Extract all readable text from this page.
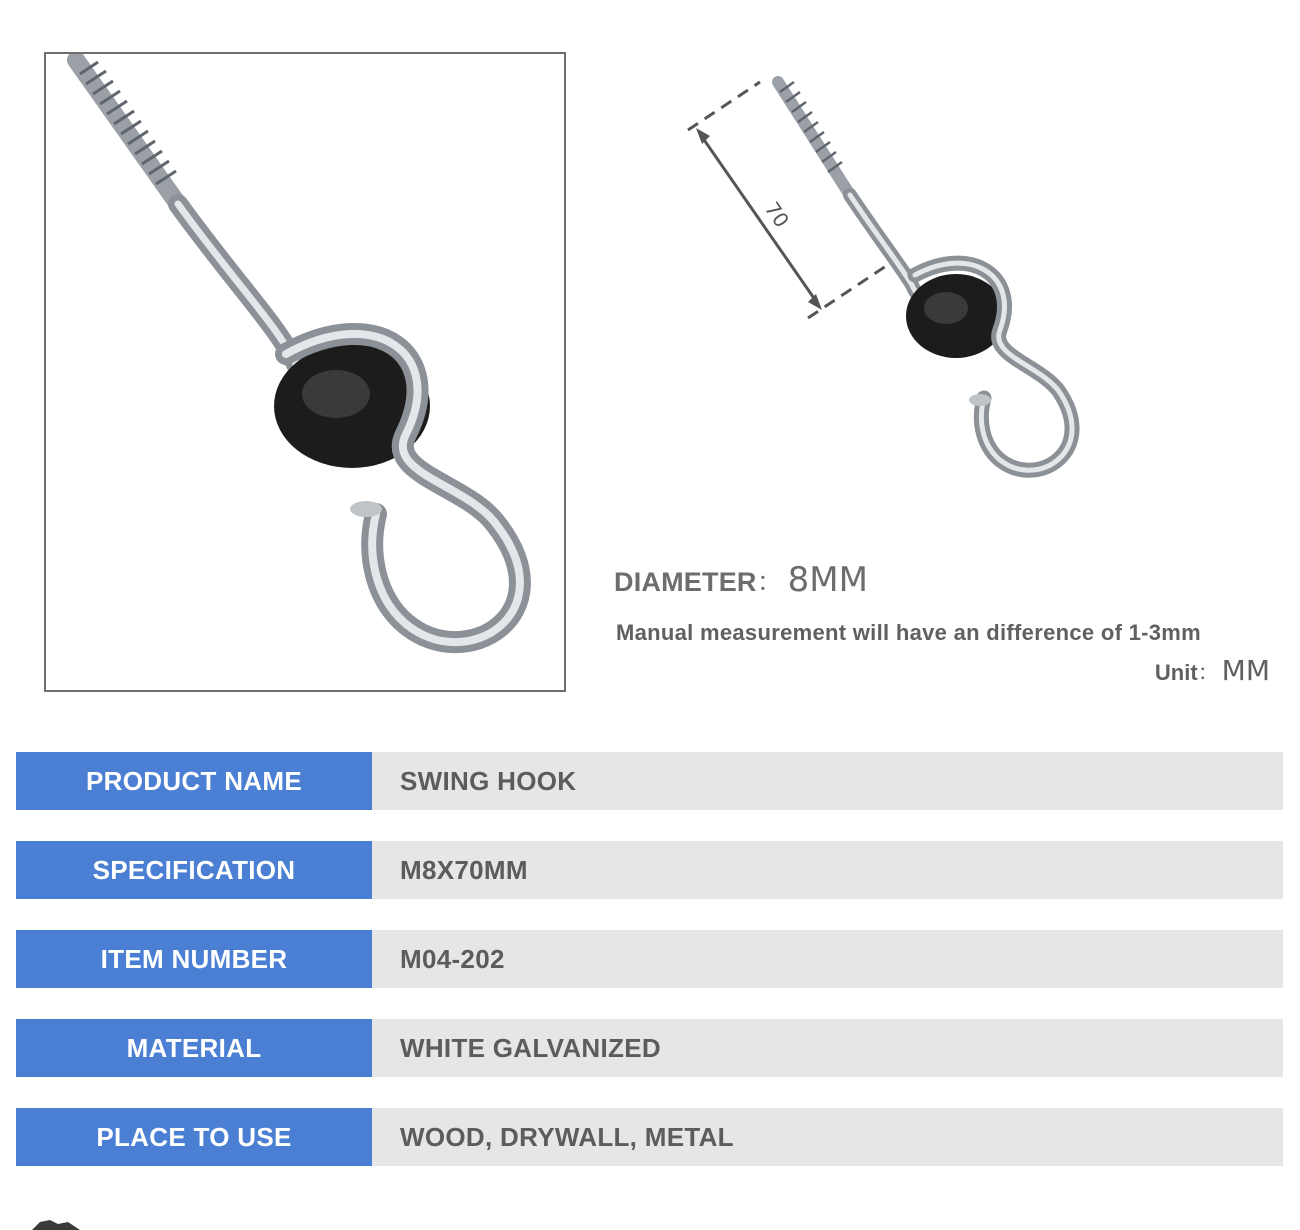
70
DIAMETER： 8MM
Manual measurement will have an difference of 1-3mm
Unit：MM
PRODUCT NAME	SWING HOOK
SPECIFICATION	M8X70MM
ITEM NUMBER	M04-202
MATERIAL	WHITE GALVANIZED
PLACE TO USE	WOOD, DRYWALL, METAL
